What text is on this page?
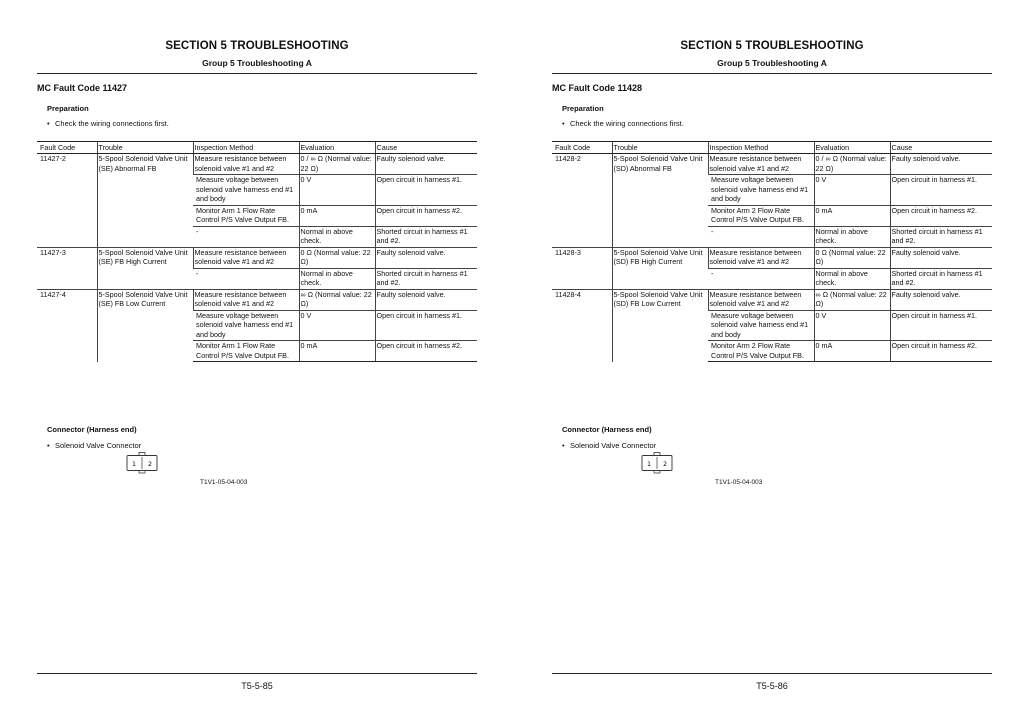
SECTION 5 TROUBLESHOOTING
Group 5 Troubleshooting A
MC Fault Code 11427
Preparation
• Check the wiring connections first.
Fault Code	Trouble	Inspection Method	Evaluation	Cause
11427-2	5-Spool Solenoid Valve Unit (SE) Abnormal FB	Measure resistance between solenoid valve #1 and #2	0 / ∞ Ω (Normal value: 22 Ω)	Faulty solenoid valve.
		Measure voltage between solenoid valve harness end #1 and body	0 V	Open circuit in harness #1.
		Monitor Arm 1 Flow Rate Control P/S Valve Output FB.	0 mA	Open circuit in harness #2.
		-	Normal in above check.	Shorted circuit in harness #1 and #2.
11427-3	5-Spool Solenoid Valve Unit (SE) FB High Current	Measure resistance between solenoid valve #1 and #2	0 Ω (Normal value: 22 Ω)	Faulty solenoid valve.
		-	Normal in above check.	Shorted circuit in harness #1 and #2.
11427-4	5-Spool Solenoid Valve Unit (SE) FB Low Current	Measure resistance between solenoid valve #1 and #2	∞ Ω (Normal value: 22 Ω)	Faulty solenoid valve.
		Measure voltage between solenoid valve harness end #1 and body	0 V	Open circuit in harness #1.
		Monitor Arm 1 Flow Rate Control P/S Valve Output FB.	0 mA	Open circuit in harness #2.
Connector (Harness end)
• Solenoid Valve Connector
1 2
T1V1-05-04-003
T5-5-85
SECTION 5 TROUBLESHOOTING
Group 5 Troubleshooting A
MC Fault Code 11428
Preparation
• Check the wiring connections first.
Fault Code	Trouble	Inspection Method	Evaluation	Cause
11428-2	5-Spool Solenoid Valve Unit (SD) Abnormal FB	Measure resistance between solenoid valve #1 and #2	0 / ∞ Ω (Normal value: 22 Ω)	Faulty solenoid valve.
		Measure voltage between solenoid valve harness end #1 and body	0 V	Open circuit in harness #1.
		Monitor Arm 2 Flow Rate Control P/S Valve Output FB.	0 mA	Open circuit in harness #2.
		-	Normal in above check.	Shorted circuit in harness #1 and #2.
11428-3	5-Spool Solenoid Valve Unit (SD) FB High Current	Measure resistance between solenoid valve #1 and #2	0 Ω (Normal value: 22 Ω)	Faulty solenoid valve.
		-	Normal in above check.	Shorted circuit in harness #1 and #2.
11428-4	5-Spool Solenoid Valve Unit (SD) FB Low Current	Measure resistance between solenoid valve #1 and #2	∞ Ω (Normal value: 22 Ω)	Faulty solenoid valve.
		Measure voltage between solenoid valve harness end #1 and body	0 V	Open circuit in harness #1.
		Monitor Arm 2 Flow Rate Control P/S Valve Output FB.	0 mA	Open circuit in harness #2.
Connector (Harness end)
• Solenoid Valve Connector
1 2
T1V1-05-04-003
T5-5-86
